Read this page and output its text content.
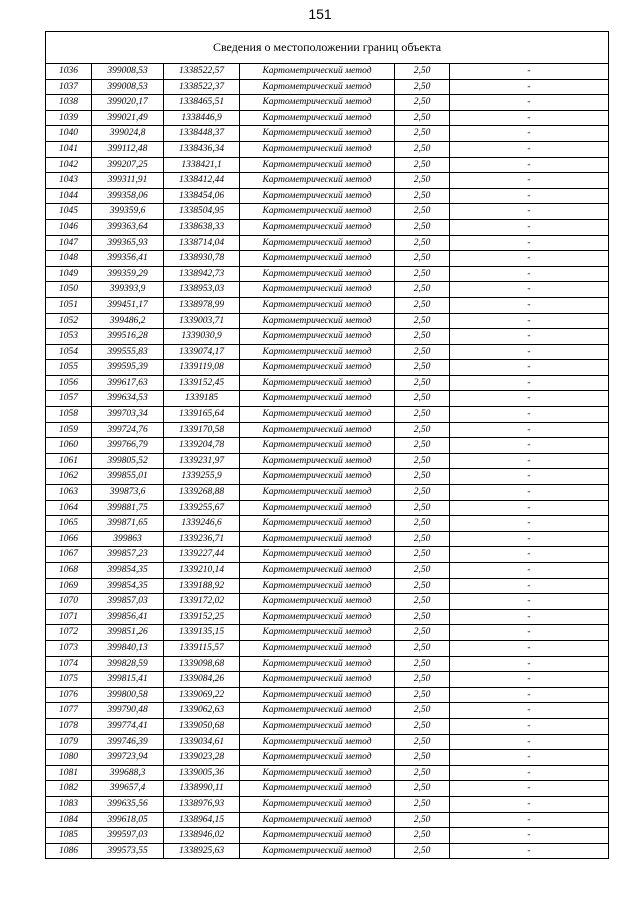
151
Сведения о местоположении границ объекта					
1036	399008,53	1338522,57	Картометрический метод	2,50	-
1037	399008,53	1338522,37	Картометрический метод	2,50	-
1038	399020,17	1338465,51	Картометрический метод	2,50	-
1039	399021,49	1338446,9	Картометрический метод	2,50	-
1040	399024,8	1338448,37	Картометрический метод	2,50	-
1041	399112,48	1338436,34	Картометрический метод	2,50	-
1042	399207,25	1338421,1	Картометрический метод	2,50	-
1043	399311,91	1338412,44	Картометрический метод	2,50	-
1044	399358,06	1338454,06	Картометрический метод	2,50	-
1045	399359,6	1338504,95	Картометрический метод	2,50	-
1046	399363,64	1338638,33	Картометрический метод	2,50	-
1047	399365,93	1338714,04	Картометрический метод	2,50	-
1048	399356,41	1338930,78	Картометрический метод	2,50	-
1049	399359,29	1338942,73	Картометрический метод	2,50	-
1050	399393,9	1338953,03	Картометрический метод	2,50	-
1051	399451,17	1338978,99	Картометрический метод	2,50	-
1052	399486,2	1339003,71	Картометрический метод	2,50	-
1053	399516,28	1339030,9	Картометрический метод	2,50	-
1054	399555,83	1339074,17	Картометрический метод	2,50	-
1055	399595,39	1339119,08	Картометрический метод	2,50	-
1056	399617,63	1339152,45	Картометрический метод	2,50	-
1057	399634,53	1339185	Картометрический метод	2,50	-
1058	399703,34	1339165,64	Картометрический метод	2,50	-
1059	399724,76	1339170,58	Картометрический метод	2,50	-
1060	399766,79	1339204,78	Картометрический метод	2,50	-
1061	399805,52	1339231,97	Картометрический метод	2,50	-
1062	399855,01	1339255,9	Картометрический метод	2,50	-
1063	399873,6	1339268,88	Картометрический метод	2,50	-
1064	399881,75	1339255,67	Картометрический метод	2,50	-
1065	399871,65	1339246,6	Картометрический метод	2,50	-
1066	399863	1339236,71	Картометрический метод	2,50	-
1067	399857,23	1339227,44	Картометрический метод	2,50	-
1068	399854,35	1339210,14	Картометрический метод	2,50	-
1069	399854,35	1339188,92	Картометрический метод	2,50	-
1070	399857,03	1339172,02	Картометрический метод	2,50	-
1071	399856,41	1339152,25	Картометрический метод	2,50	-
1072	399851,26	1339135,15	Картометрический метод	2,50	-
1073	399840,13	1339115,57	Картометрический метод	2,50	-
1074	399828,59	1339098,68	Картометрический метод	2,50	-
1075	399815,41	1339084,26	Картометрический метод	2,50	-
1076	399800,58	1339069,22	Картометрический метод	2,50	-
1077	399790,48	1339062,63	Картометрический метод	2,50	-
1078	399774,41	1339050,68	Картометрический метод	2,50	-
1079	399746,39	1339034,61	Картометрический метод	2,50	-
1080	399723,94	1339023,28	Картометрический метод	2,50	-
1081	399688,3	1339005,36	Картометрический метод	2,50	-
1082	399657,4	1338990,11	Картометрический метод	2,50	-
1083	399635,56	1338976,93	Картометрический метод	2,50	-
1084	399618,05	1338964,15	Картометрический метод	2,50	-
1085	399597,03	1338946,02	Картометрический метод	2,50	-
1086	399573,55	1338925,63	Картометрический метод	2,50	-
